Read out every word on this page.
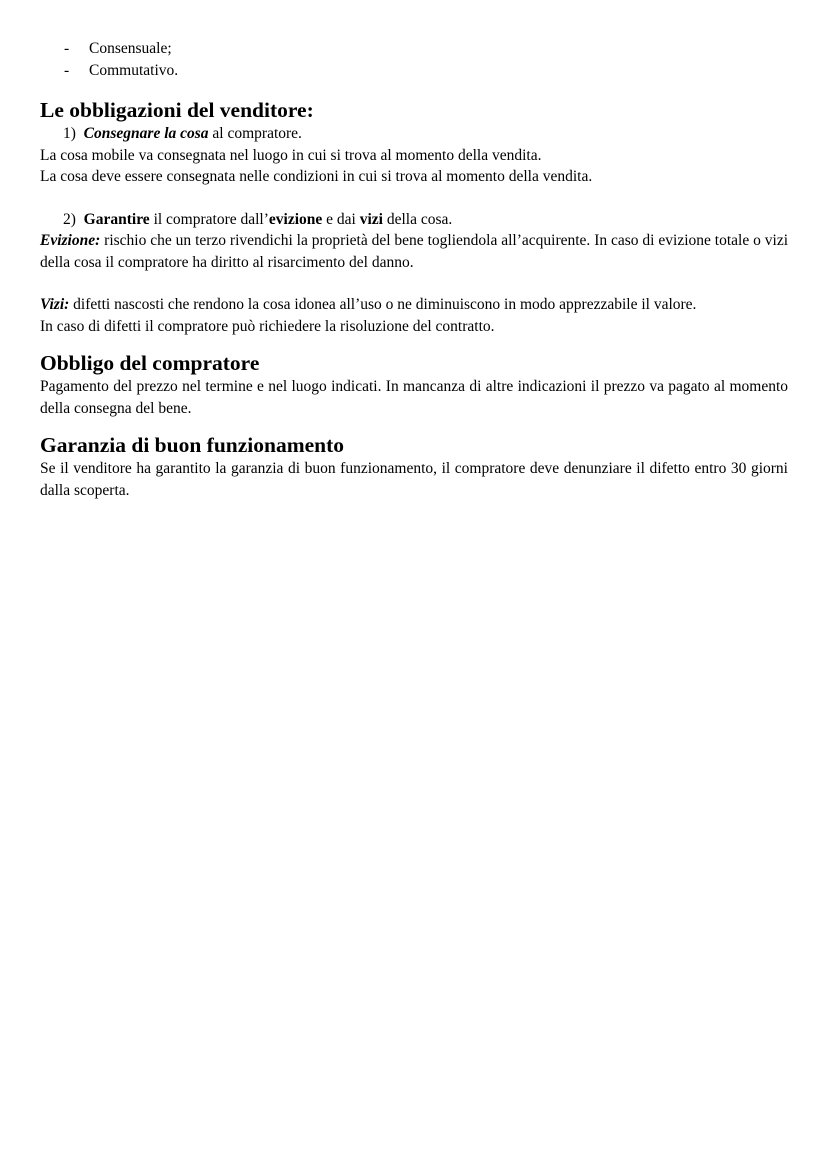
- Consensuale;
- Commutativo.
Le obbligazioni del venditore:

1) Consegnare la cosa al compratore.

La cosa mobile va consegnata nel luogo in cui si trova al momento della vendita.

La cosa deve essere consegnata nelle condizioni in cui si trova al momento della vendita.

2) Garantire il compratore dall’evizione e dai vizi della cosa.

Evizione: rischio che un terzo rivendichi la proprietà del bene togliendola all’acquirente. In caso di evizione totale o vizi della cosa il compratore ha diritto al risarcimento del danno.

Vizi: difetti nascosti che rendono la cosa idonea all’uso o ne diminuiscono in modo apprezzabile il valore.

In caso di difetti il compratore può richiedere la risoluzione del contratto.

Obbligo del compratore

Pagamento del prezzo nel termine e nel luogo indicati. In mancanza di altre indicazioni il prezzo va pagato al momento della consegna del bene.

Garanzia di buon funzionamento

Se il venditore ha garantito la garanzia di buon funzionamento, il compratore deve denunziare il difetto entro 30 giorni dalla scoperta.
